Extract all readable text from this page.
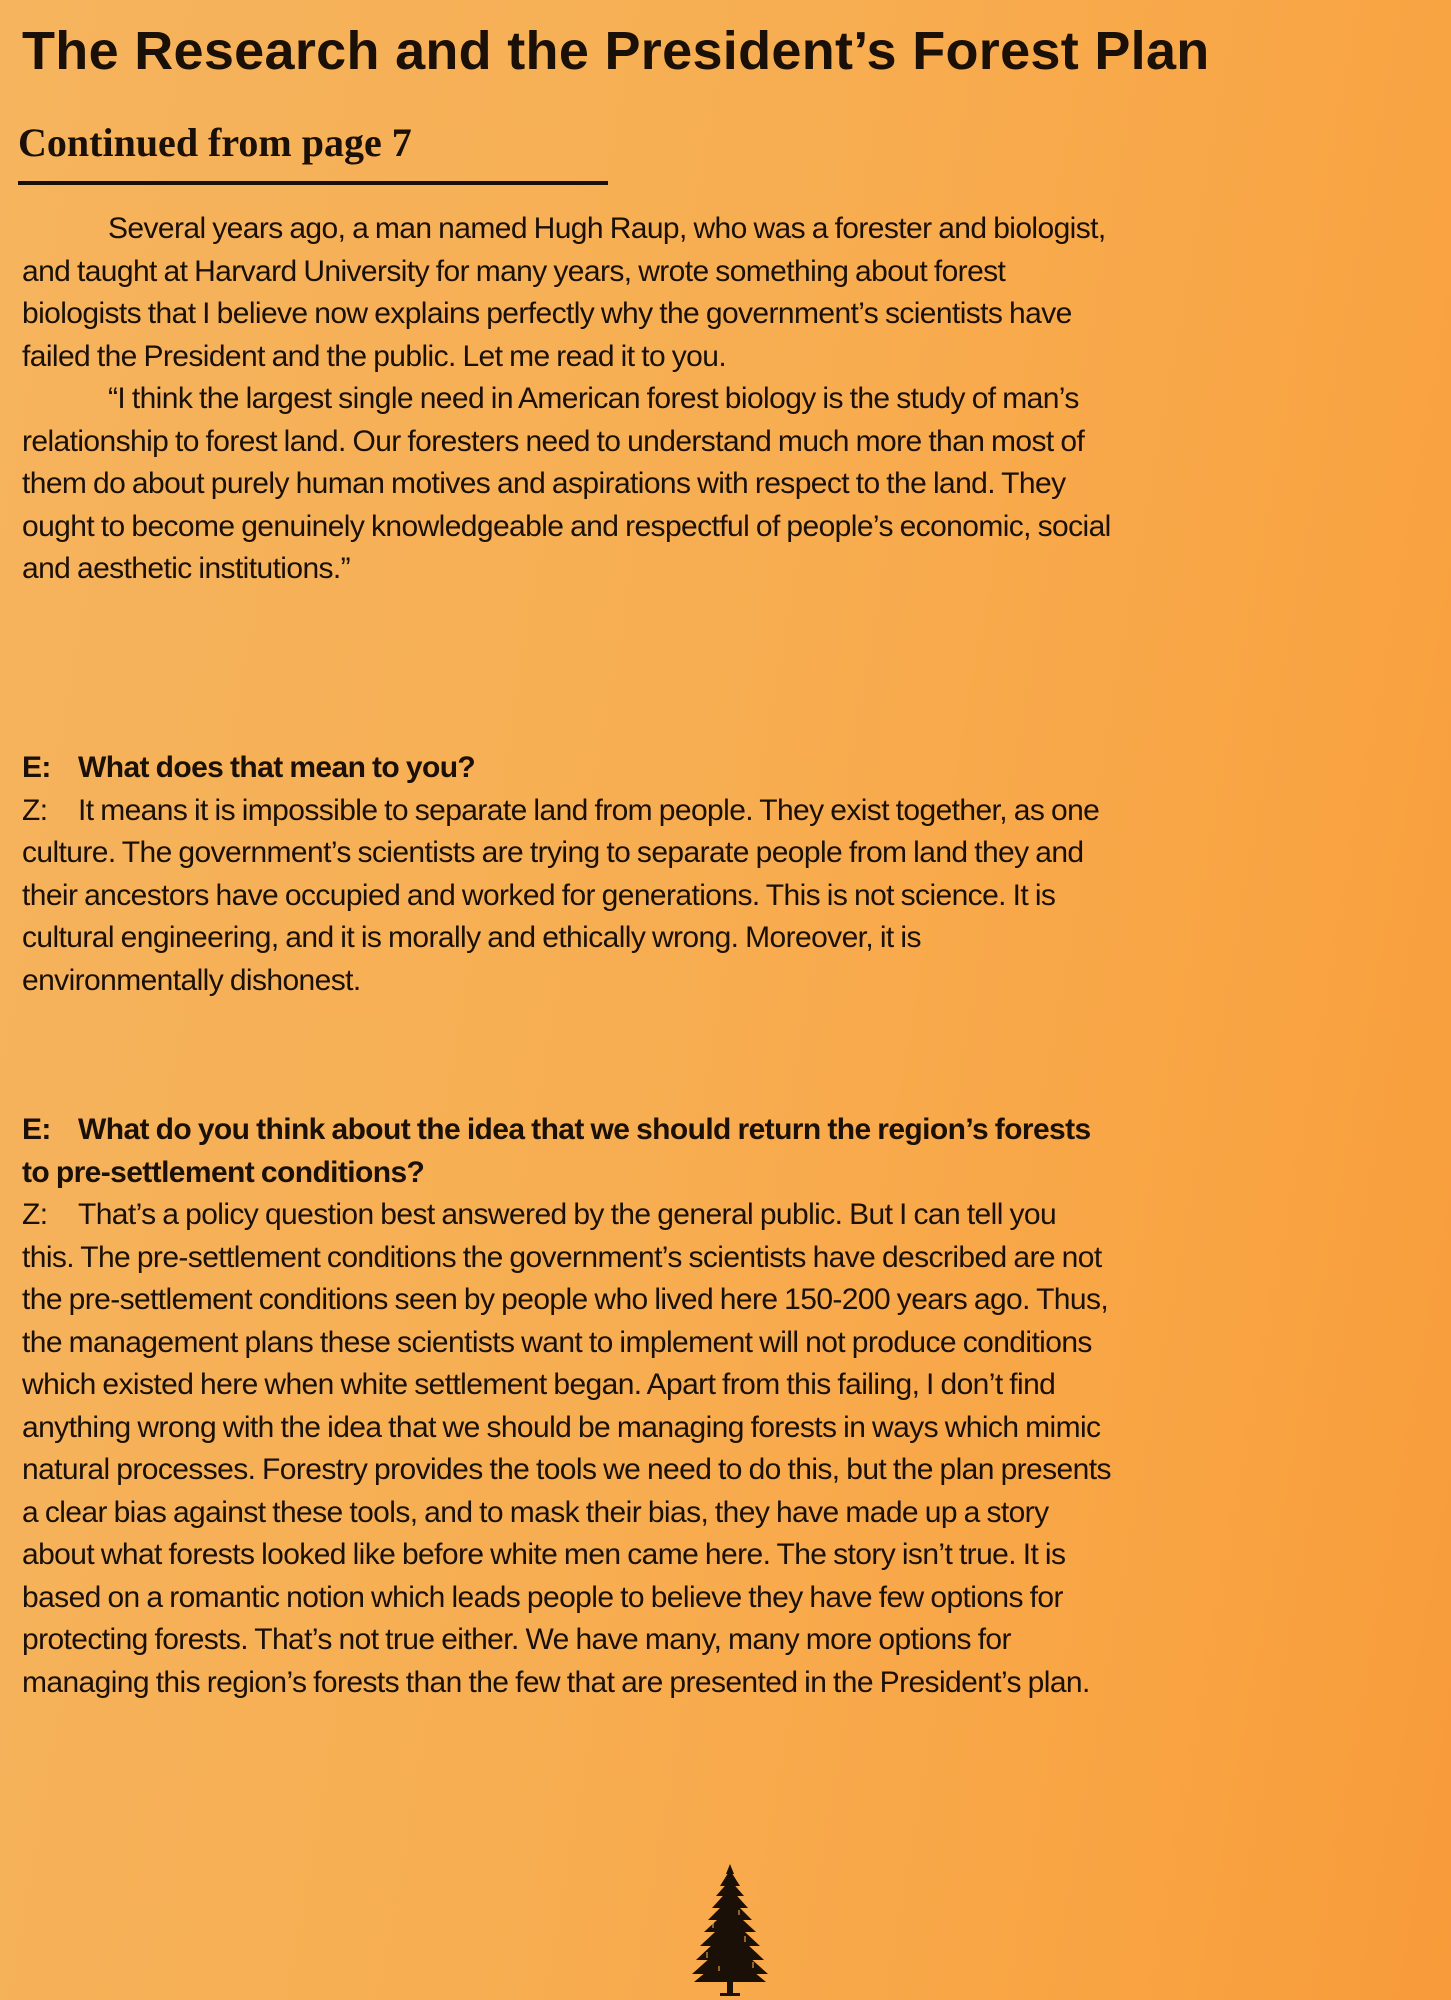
The Research and the President’s Forest Plan
Continued from page 7
Several years ago, a man named Hugh Raup, who was a forester and biologist,
and taught at Harvard University for many years, wrote something about forest
biologists that I believe now explains perfectly why the government’s scientists have
failed the President and the public. Let me read it to you.
“I think the largest single need in American forest biology is the study of man’s
relationship to forest land. Our foresters need to understand much more than most of
them do about purely human motives and aspirations with respect to the land. They
ought to become genuinely knowledgeable and respectful of people’s economic, social
and aesthetic institutions.”
E: What does that mean to you?
Z: It means it is impossible to separate land from people. They exist together, as one
culture. The government’s scientists are trying to separate people from land they and
their ancestors have occupied and worked for generations. This is not science. It is
cultural engineering, and it is morally and ethically wrong. Moreover, it is
environmentally dishonest.
E: What do you think about the idea that we should return the region’s forests
to pre-settlement conditions?
Z: That’s a policy question best answered by the general public. But I can tell you
this. The pre-settlement conditions the government’s scientists have described are not
the pre-settlement conditions seen by people who lived here 150-200 years ago. Thus,
the management plans these scientists want to implement will not produce conditions
which existed here when white settlement began. Apart from this failing, I don’t find
anything wrong with the idea that we should be managing forests in ways which mimic
natural processes. Forestry provides the tools we need to do this, but the plan presents
a clear bias against these tools, and to mask their bias, they have made up a story
about what forests looked like before white men came here. The story isn’t true. It is
based on a romantic notion which leads people to believe they have few options for
protecting forests. That’s not true either. We have many, many more options for
managing this region’s forests than the few that are presented in the President’s plan.
